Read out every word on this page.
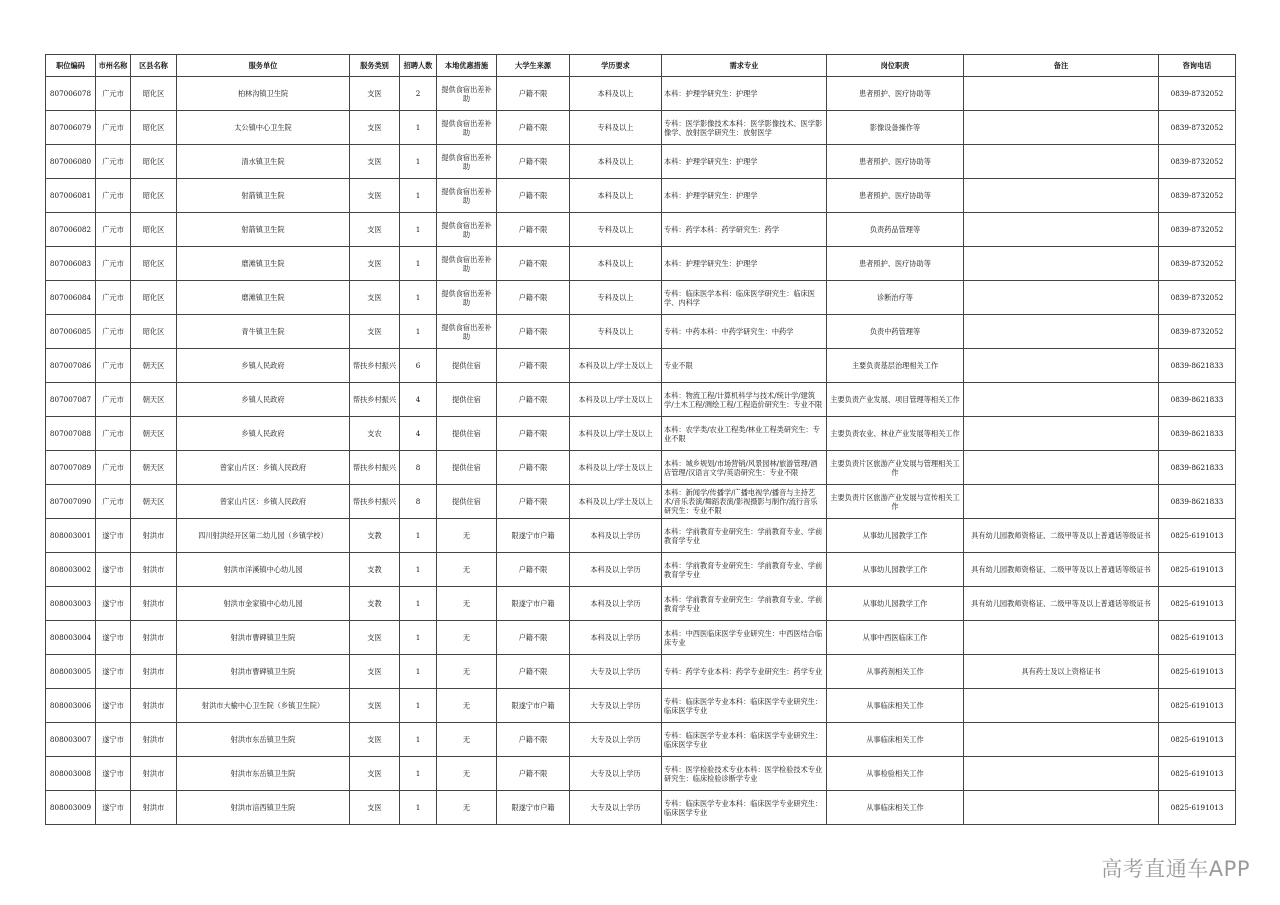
职位编码	市州名称	区县名称	服务单位	服务类别	招聘人数	本地优惠措施	大学生来源	学历要求	需求专业	岗位职责	备注	咨询电话
807006078	广元市	昭化区	柏林沟镇卫生院	支医	2	提供食宿出差补助	户籍不限	本科及以上	本科：护理学研究生：护理学	患者照护、医疗协助等		0839-8732052
807006079	广元市	昭化区	太公镇中心卫生院	支医	1	提供食宿出差补助	户籍不限	专科及以上	专科：医学影像技术本科：医学影像技术、医学影像学、放射医学研究生：放射医学	影像设备操作等		0839-8732052
807006080	广元市	昭化区	清水镇卫生院	支医	1	提供食宿出差补助	户籍不限	本科及以上	本科：护理学研究生：护理学	患者照护、医疗协助等		0839-8732052
807006081	广元市	昭化区	射箭镇卫生院	支医	1	提供食宿出差补助	户籍不限	本科及以上	本科：护理学研究生：护理学	患者照护、医疗协助等		0839-8732052
807006082	广元市	昭化区	射箭镇卫生院	支医	1	提供食宿出差补助	户籍不限	专科及以上	专科：药学本科：药学研究生：药学	负责药品管理等		0839-8732052
807006083	广元市	昭化区	磨滩镇卫生院	支医	1	提供食宿出差补助	户籍不限	本科及以上	本科：护理学研究生：护理学	患者照护、医疗协助等		0839-8732052
807006084	广元市	昭化区	磨滩镇卫生院	支医	1	提供食宿出差补助	户籍不限	专科及以上	专科：临床医学本科：临床医学研究生：临床医学、内科学	诊断治疗等		0839-8732052
807006085	广元市	昭化区	青牛镇卫生院	支医	1	提供食宿出差补助	户籍不限	专科及以上	专科：中药本科：中药学研究生：中药学	负责中药管理等		0839-8732052
807007086	广元市	朝天区	乡镇人民政府	帮扶乡村振兴	6	提供住宿	户籍不限	本科及以上/学士及以上	专业不限	主要负责基层治理相关工作		0839-8621833
807007087	广元市	朝天区	乡镇人民政府	帮扶乡村振兴	4	提供住宿	户籍不限	本科及以上/学士及以上	本科：物流工程/计算机科学与技术/统计学/建筑学/土木工程/测绘工程/工程造价研究生：专业不限	主要负责产业发展、项目管理等相关工作		0839-8621833
807007088	广元市	朝天区	乡镇人民政府	支农	4	提供住宿	户籍不限	本科及以上/学士及以上	本科：农学类/农业工程类/林业工程类研究生：专业不限	主要负责农业、林业产业发展等相关工作		0839-8621833
807007089	广元市	朝天区	曾家山片区：乡镇人民政府	帮扶乡村振兴	8	提供住宿	户籍不限	本科及以上/学士及以上	本科：城乡规划/市场营销/风景园林/旅游管理/酒店管理/汉语言文学/英语研究生：专业不限	主要负责片区旅游产业发展与管理相关工作		0839-8621833
807007090	广元市	朝天区	曾家山片区：乡镇人民政府	帮扶乡村振兴	8	提供住宿	户籍不限	本科及以上/学士及以上	本科：新闻学/传播学/广播电视学/播音与主持艺术/音乐表演/舞蹈表演/影视摄影与制作/流行音乐研究生：专业不限	主要负责片区旅游产业发展与宣传相关工作		0839-8621833
808003001	遂宁市	射洪市	四川射洪经开区第二幼儿园（乡镇学校）	支教	1	无	限遂宁市户籍	本科及以上学历	本科：学前教育专业研究生：学前教育专业、学前教育学专业	从事幼儿园教学工作	具有幼儿园教师资格证、二级甲等及以上普通话等级证书	0825-6191013
808003002	遂宁市	射洪市	射洪市洋溪镇中心幼儿园	支教	1	无	户籍不限	本科及以上学历	本科：学前教育专业研究生：学前教育专业、学前教育学专业	从事幼儿园教学工作	具有幼儿园教师资格证、二级甲等及以上普通话等级证书	0825-6191013
808003003	遂宁市	射洪市	射洪市金家镇中心幼儿园	支教	1	无	限遂宁市户籍	本科及以上学历	本科：学前教育专业研究生：学前教育专业、学前教育学专业	从事幼儿园教学工作	具有幼儿园教师资格证、二级甲等及以上普通话等级证书	0825-6191013
808003004	遂宁市	射洪市	射洪市曹碑镇卫生院	支医	1	无	户籍不限	本科及以上学历	本科：中西医临床医学专业研究生：中西医结合临床专业	从事中西医临床工作		0825-6191013
808003005	遂宁市	射洪市	射洪市曹碑镇卫生院	支医	1	无	户籍不限	大专及以上学历	专科：药学专业本科：药学专业研究生：药学专业	从事药剂相关工作	具有药士及以上资格证书	0825-6191013
808003006	遂宁市	射洪市	射洪市大榆中心卫生院（乡镇卫生院）	支医	1	无	限遂宁市户籍	大专及以上学历	专科：临床医学专业本科：临床医学专业研究生：临床医学专业	从事临床相关工作		0825-6191013
808003007	遂宁市	射洪市	射洪市东岳镇卫生院	支医	1	无	户籍不限	大专及以上学历	专科：临床医学专业本科：临床医学专业研究生：临床医学专业	从事临床相关工作		0825-6191013
808003008	遂宁市	射洪市	射洪市东岳镇卫生院	支医	1	无	户籍不限	大专及以上学历	专科：医学检验技术专业本科：医学检验技术专业研究生：临床检验诊断学专业	从事检验相关工作		0825-6191013
808003009	遂宁市	射洪市	射洪市涪西镇卫生院	支医	1	无	限遂宁市户籍	大专及以上学历	专科：临床医学专业本科：临床医学专业研究生：临床医学专业	从事临床相关工作		0825-6191013
高考直通车APP
